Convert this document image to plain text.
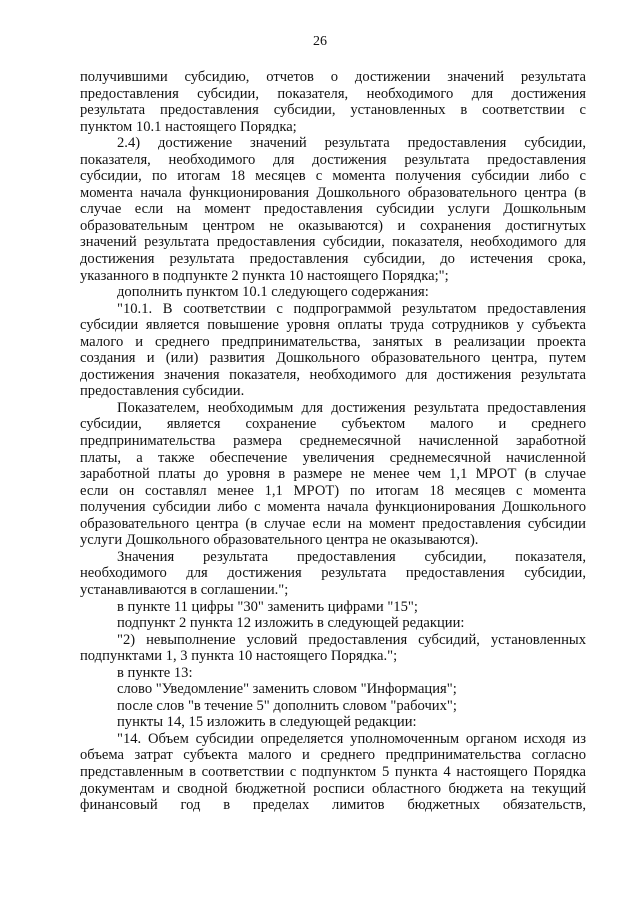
26
получившими субсидию, отчетов о достижении значений результата
предоставления субсидии, показателя, необходимого для достижения
результата предоставления субсидии, установленных в соответствии с
пунктом 10.1 настоящего Порядка;
2.4) достижение значений результата предоставления субсидии,
показателя, необходимого для достижения результата предоставления
субсидии, по итогам 18 месяцев с момента получения субсидии либо с
момента начала функционирования Дошкольного образовательного центра (в
случае если на момент предоставления субсидии услуги Дошкольным
образовательным центром не оказываются) и сохранения достигнутых
значений результата предоставления субсидии, показателя, необходимого для
достижения результата предоставления субсидии, до истечения срока,
указанного в подпункте 2 пункта 10 настоящего Порядка;";
дополнить пунктом 10.1 следующего содержания:
"10.1. В соответствии с подпрограммой результатом предоставления
субсидии является повышение уровня оплаты труда сотрудников у субъекта
малого и среднего предпринимательства, занятых в реализации проекта
создания и (или) развития Дошкольного образовательного центра, путем
достижения значения показателя, необходимого для достижения результата
предоставления субсидии.
Показателем, необходимым для достижения результата предоставления
субсидии, является сохранение субъектом малого и среднего
предпринимательства размера среднемесячной начисленной заработной
платы, а также обеспечение увеличения среднемесячной начисленной
заработной платы до уровня в размере не менее чем 1,1 МРОТ (в случае
если он составлял менее 1,1 МРОТ) по итогам 18 месяцев с момента
получения субсидии либо с момента начала функционирования Дошкольного
образовательного центра (в случае если на момент предоставления субсидии
услуги Дошкольного образовательного центра не оказываются).
Значения результата предоставления субсидии, показателя,
необходимого для достижения результата предоставления субсидии,
устанавливаются в соглашении.";
в пункте 11 цифры "30" заменить цифрами "15";
подпункт 2 пункта 12 изложить в следующей редакции:
"2) невыполнение условий предоставления субсидий, установленных
подпунктами 1, 3 пункта 10 настоящего Порядка.";
в пункте 13:
слово "Уведомление" заменить словом "Информация";
после слов "в течение 5" дополнить словом "рабочих";
пункты 14, 15 изложить в следующей редакции:
"14. Объем субсидии определяется уполномоченным органом исходя из
объема затрат субъекта малого и среднего предпринимательства согласно
представленным в соответствии с подпунктом 5 пункта 4 настоящего Порядка
документам и сводной бюджетной росписи областного бюджета на текущий
финансовый год в пределах лимитов бюджетных обязательств,
